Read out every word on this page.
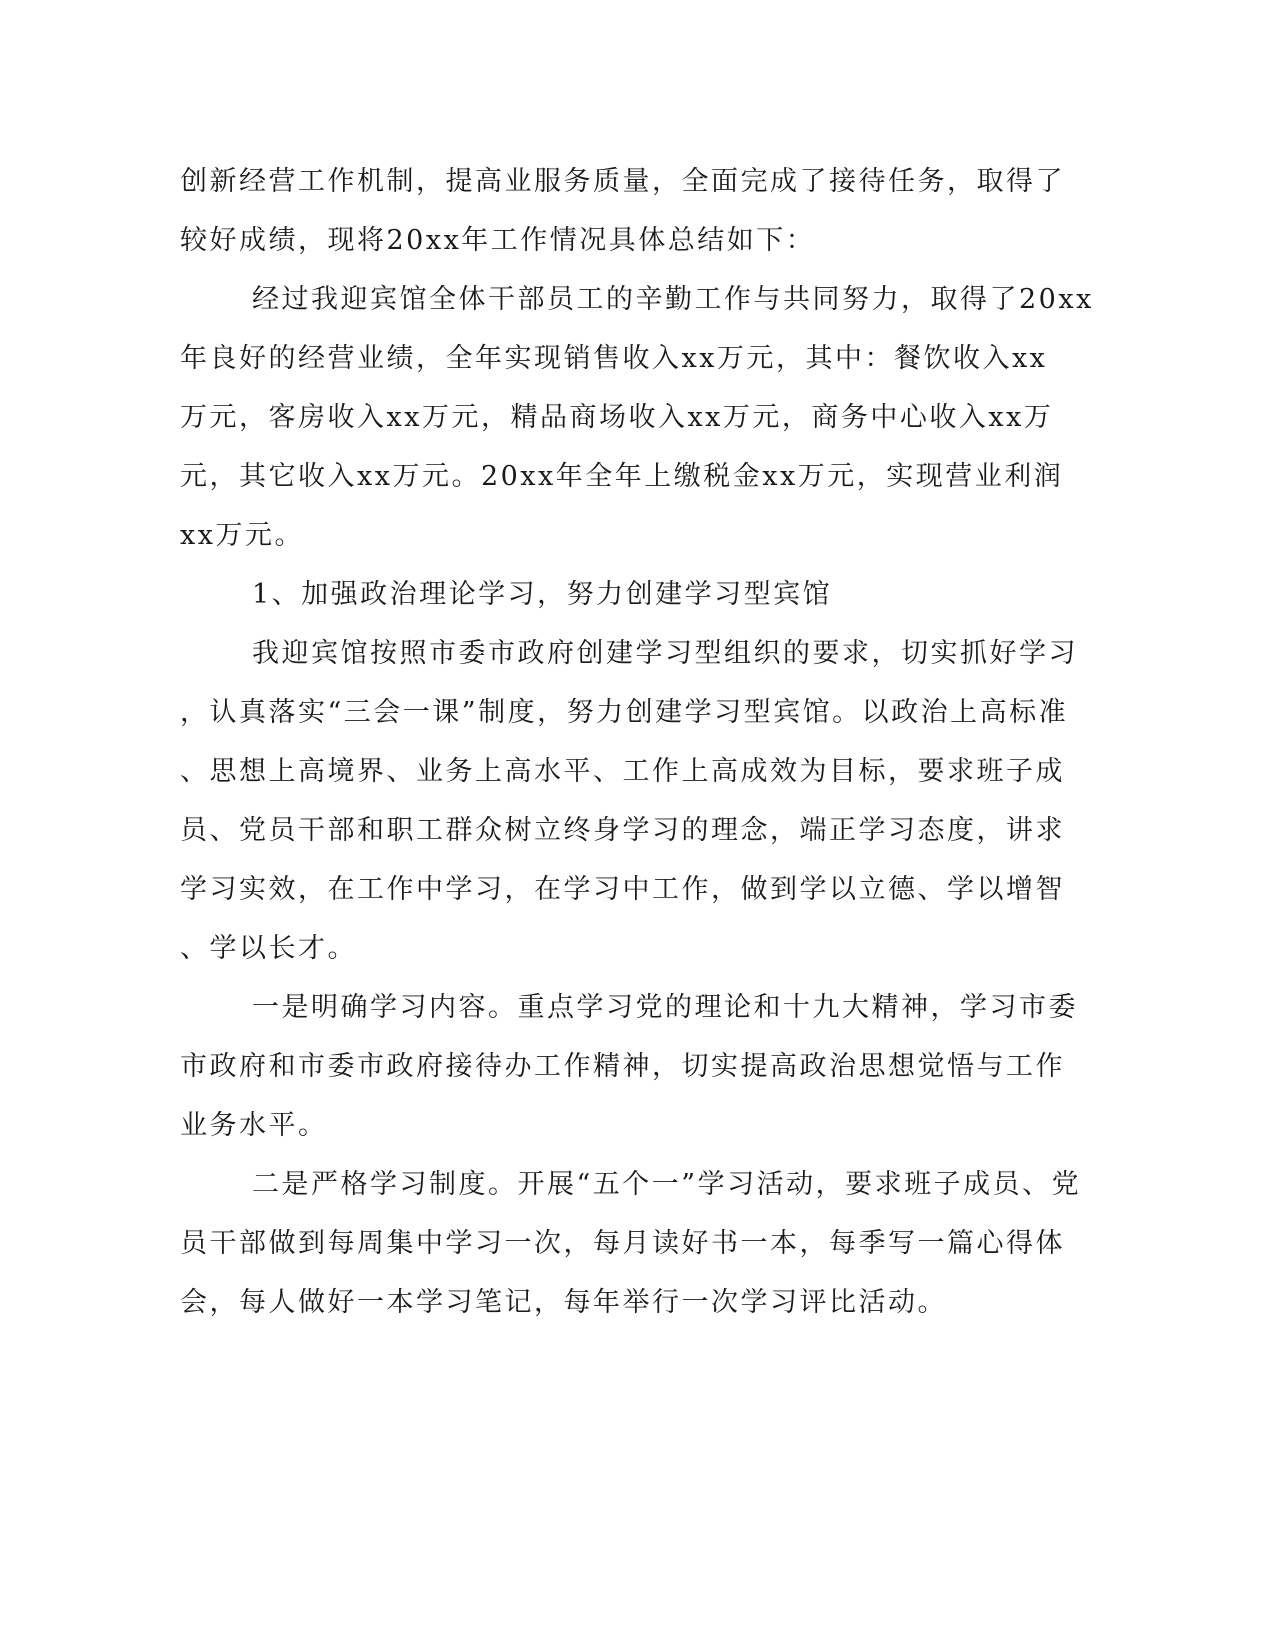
创新经营工作机制，提高业服务质量，全面完成了接待任务，取得了
较好成绩，现将20xx年工作情况具体总结如下：
经过我迎宾馆全体干部员工的辛勤工作与共同努力，取得了20xx
年良好的经营业绩，全年实现销售收入xx万元，其中：餐饮收入xx
万元，客房收入xx万元，精品商场收入xx万元，商务中心收入xx万
元，其它收入xx万元。20xx年全年上缴税金xx万元，实现营业利润
xx万元。
1、加强政治理论学习，努力创建学习型宾馆
我迎宾馆按照市委市政府创建学习型组织的要求，切实抓好学习
，认真落实“三会一课”制度，努力创建学习型宾馆。以政治上高标准
、思想上高境界、业务上高水平、工作上高成效为目标，要求班子成
员、党员干部和职工群众树立终身学习的理念，端正学习态度，讲求
学习实效，在工作中学习，在学习中工作，做到学以立德、学以增智
、学以长才。
一是明确学习内容。重点学习党的理论和十九大精神，学习市委
市政府和市委市政府接待办工作精神，切实提高政治思想觉悟与工作
业务水平。
二是严格学习制度。开展“五个一”学习活动，要求班子成员、党
员干部做到每周集中学习一次，每月读好书一本，每季写一篇心得体
会，每人做好一本学习笔记，每年举行一次学习评比活动。
